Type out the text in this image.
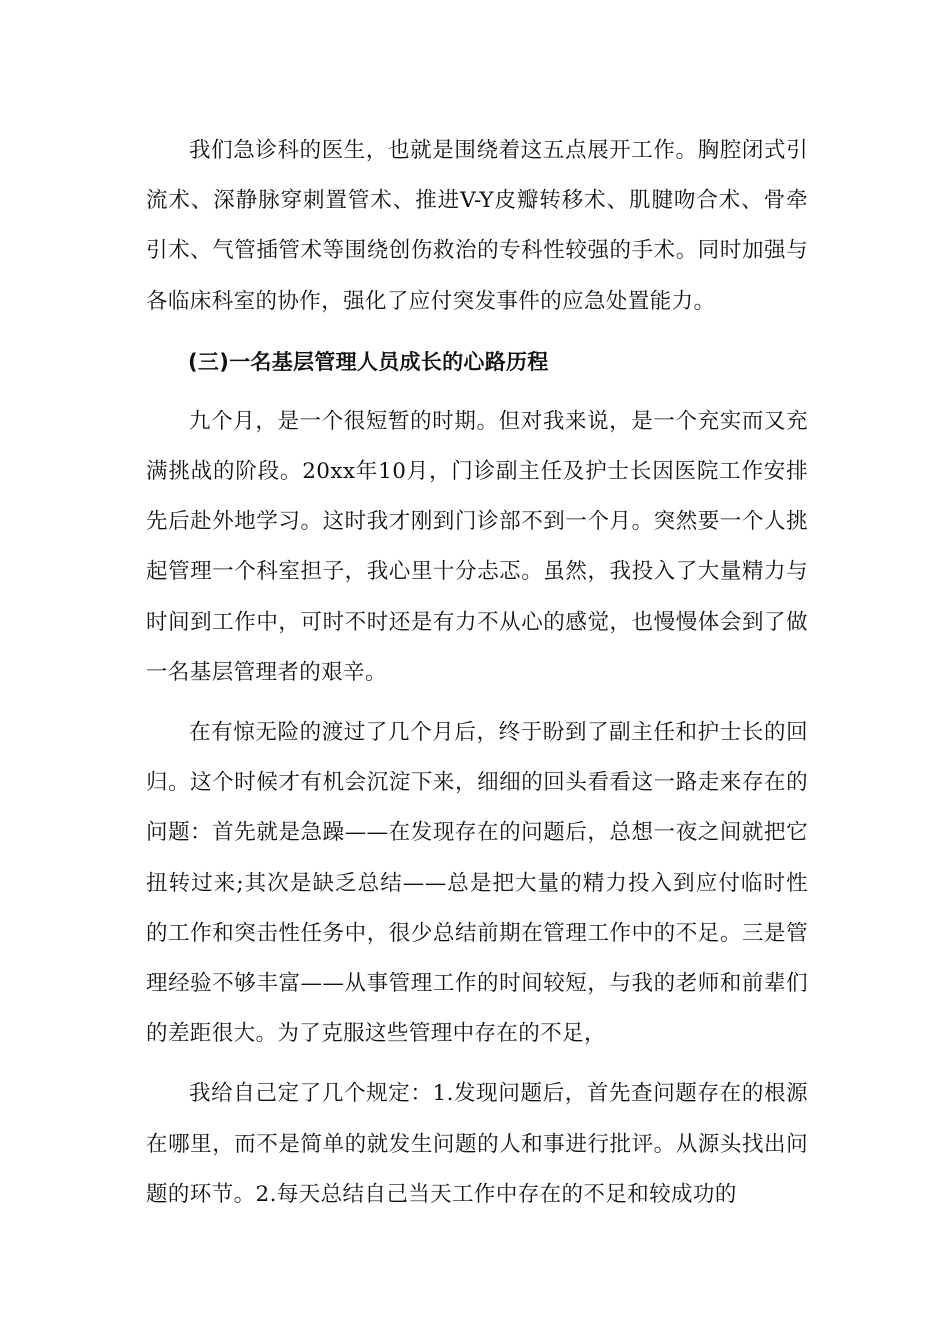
我们急诊科的医生，也就是围绕着这五点展开工作。胸腔闭式引流术、深静脉穿刺置管术、推进V-Y皮瓣转移术、肌腱吻合术、骨牵引术、气管插管术等围绕创伤救治的专科性较强的手术。同时加强与各临床科室的协作，强化了应付突发事件的应急处置能力。

(三)一名基层管理人员成长的心路历程

九个月，是一个很短暂的时期。但对我来说，是一个充实而又充满挑战的阶段。20xx年10月，门诊副主任及护士长因医院工作安排先后赴外地学习。这时我才刚到门诊部不到一个月。突然要一个人挑起管理一个科室担子，我心里十分忐忑。虽然，我投入了大量精力与时间到工作中，可时不时还是有力不从心的感觉，也慢慢体会到了做一名基层管理者的艰辛。

在有惊无险的渡过了几个月后，终于盼到了副主任和护士长的回归。这个时候才有机会沉淀下来，细细的回头看看这一路走来存在的问题：首先就是急躁——在发现存在的问题后，总想一夜之间就把它扭转过来;其次是缺乏总结——总是把大量的精力投入到应付临时性的工作和突击性任务中，很少总结前期在管理工作中的不足。三是管理经验不够丰富——从事管理工作的时间较短，与我的老师和前辈们的差距很大。为了克服这些管理中存在的不足，

我给自己定了几个规定：1.发现问题后，首先查问题存在的根源在哪里，而不是简单的就发生问题的人和事进行批评。从源头找出问题的环节。2.每天总结自己当天工作中存在的不足和较成功的
